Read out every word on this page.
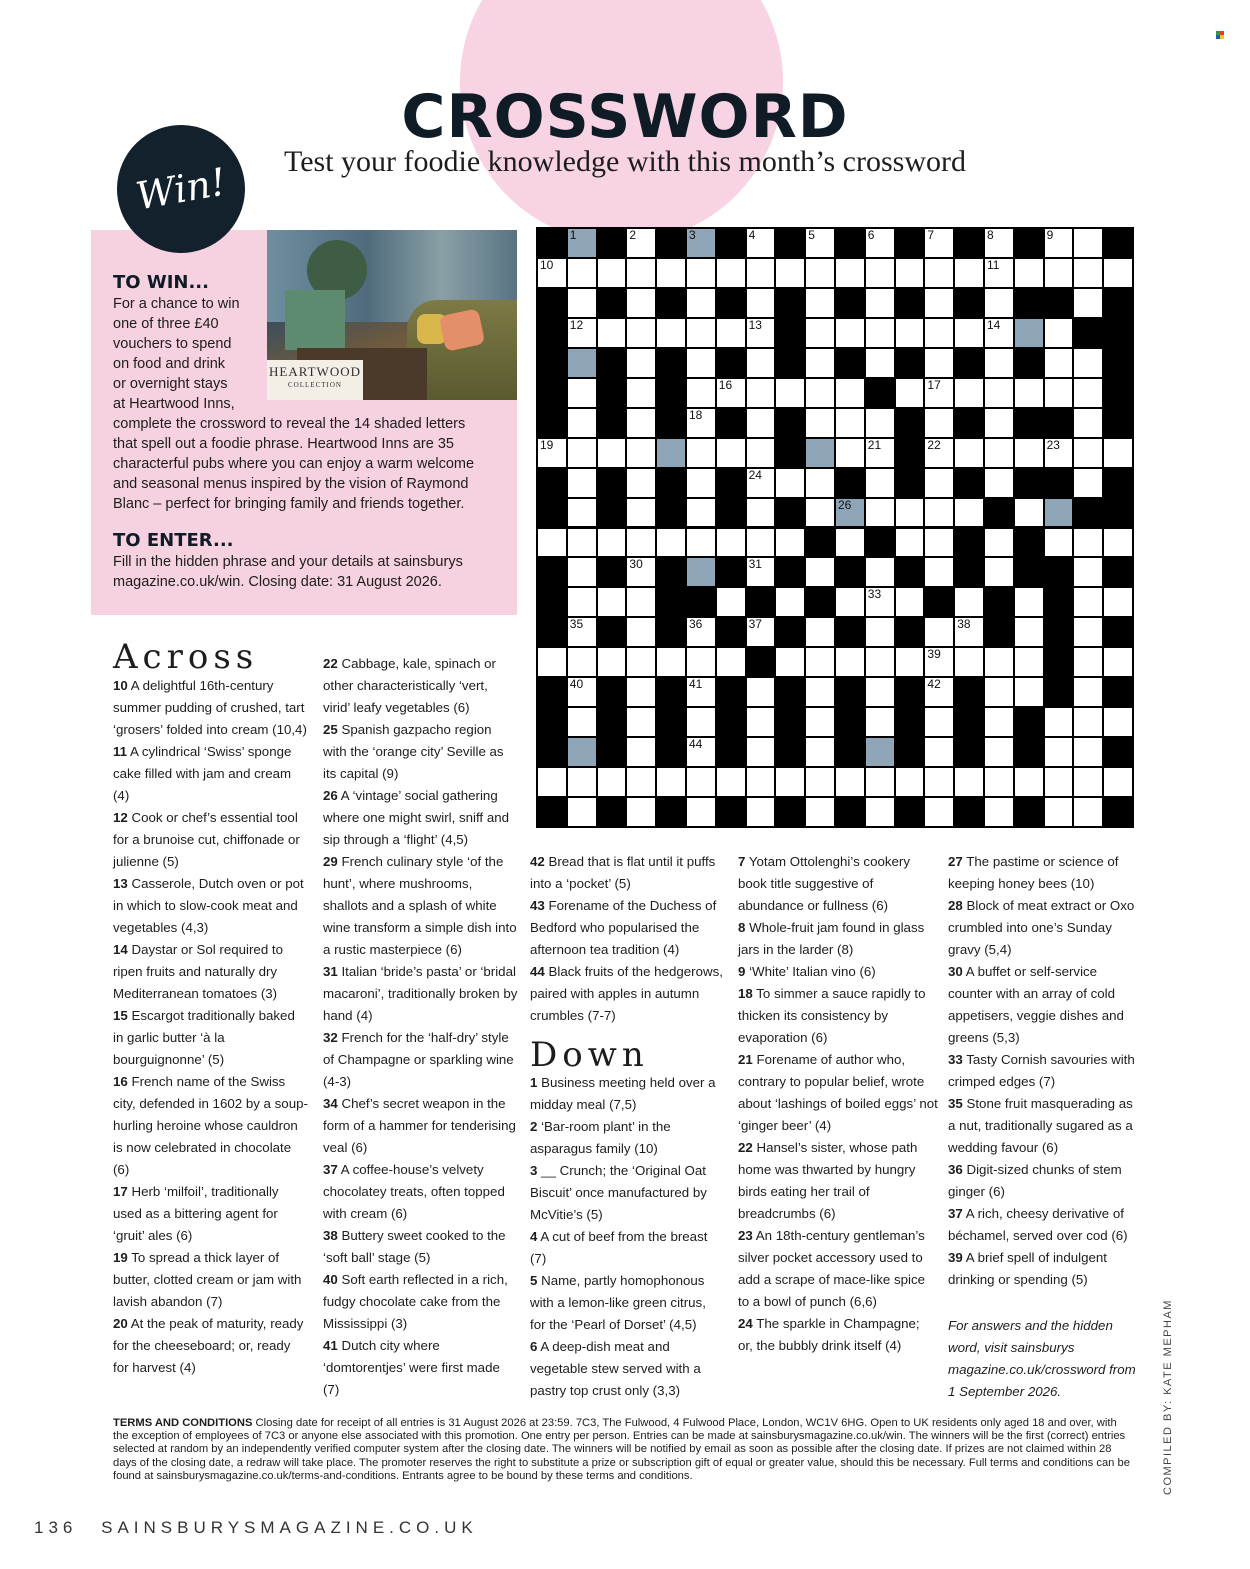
CROSSWORD
Test your foodie knowledge with this month’s crossword
Win!
HEARTWOOD
COLLECTION
TO WIN...
For a chance to win
one of three £40
vouchers to spend
on food and drink
or overnight stays
at Heartwood Inns,
complete the crossword to reveal the 14 shaded letters
that spell out a foodie phrase. Heartwood Inns are 35
characterful pubs where you can enjoy a warm welcome
and seasonal menus inspired by the vision of Raymond
Blanc – perfect for bringing family and friends together.
TO ENTER...
Fill in the hidden phrase and your details at sainsburys
magazine.co.uk/win. Closing date: 31 August 2026.
1	2	3	4	5	6	7	8	9
10	11
12	13	14
16	17
18
19	21	22	23
24
26
30	31
33
35	36	37	38
39
40	41	42
44
Across
Down

10 A delightful 16th-century summer pudding of crushed, tart ‘grosers’ folded into cream (10,4)

11 A cylindrical ‘Swiss’ sponge cake filled with jam and cream (4)

12 Cook or chef’s essential tool for a brunoise cut, chiffonade or julienne (5)

13 Casserole, Dutch oven or pot in which to slow-cook meat and vegetables (4,3)

14 Daystar or Sol required to ripen fruits and naturally dry Mediterranean tomatoes (3)

15 Escargot traditionally baked in garlic butter ‘à la bourguignonne’ (5)

16 French name of the Swiss city, defended in 1602 by a soup-hurling heroine whose cauldron is now celebrated in chocolate (6)

17 Herb ‘milfoil’, traditionally used as a bittering agent for ‘gruit’ ales (6)

19 To spread a thick layer of butter, clotted cream or jam with lavish abandon (7)

20 At the peak of maturity, ready for the cheeseboard; or, ready for harvest (4)

22 Cabbage, kale, spinach or other characteristically ‘vert, virid’ leafy vegetables (6)

25 Spanish gazpacho region with the ‘orange city’ Seville as its capital (9)

26 A ‘vintage’ social gathering where one might swirl, sniff and sip through a ‘flight’ (4,5)

29 French culinary style ‘of the hunt’, where mushrooms, shallots and a splash of white wine transform a simple dish into a rustic masterpiece (6)

31 Italian ‘bride’s pasta’ or ‘bridal macaroni’, traditionally broken by hand (4)

32 French for the ‘half-dry’ style of Champagne or sparkling wine (4-3)

34 Chef’s secret weapon in the form of a hammer for tenderising veal (6)

37 A coffee-house’s velvety chocolatey treats, often topped with cream (6)

38 Buttery sweet cooked to the ‘soft ball’ stage (5)

40 Soft earth reflected in a rich, fudgy chocolate cake from the Mississippi (3)

41 Dutch city where ‘domtorentjes’ were first made (7)

42 Bread that is flat until it puffs into a ‘pocket’ (5)

43 Forename of the Duchess of Bedford who popularised the afternoon tea tradition (4)

44 Black fruits of the hedgerows, paired with apples in autumn crumbles (7-7)

1 Business meeting held over a midday meal (7,5)

2 ‘Bar-room plant’ in the asparagus family (10)

3 __ Crunch; the ‘Original Oat Biscuit’ once manufactured by McVitie’s (5)

4 A cut of beef from the breast (7)

5 Name, partly homophonous with a lemon-like green citrus, for the ‘Pearl of Dorset’ (4,5)

6 A deep-dish meat and vegetable stew served with a pastry top crust only (3,3)

7 Yotam Ottolenghi’s cookery book title suggestive of abundance or fullness (6)

8 Whole-fruit jam found in glass jars in the larder (8)

9 ‘White’ Italian vino (6)

18 To simmer a sauce rapidly to thicken its consistency by evaporation (6)

21 Forename of author who, contrary to popular belief, wrote about ‘lashings of boiled eggs’ not ‘ginger beer’ (4)

22 Hansel’s sister, whose path home was thwarted by hungry birds eating her trail of breadcrumbs (6)

23 An 18th-century gentleman’s silver pocket accessory used to add a scrape of mace-like spice to a bowl of punch (6,6)

24 The sparkle in Champagne; or, the bubbly drink itself (4)

27 The pastime or science of keeping honey bees (10)

28 Block of meat extract or Oxo crumbled into one’s Sunday gravy (5,4)

30 A buffet or self-service counter with an array of cold appetisers, veggie dishes and greens (5,3)

33 Tasty Cornish savouries with crimped edges (7)

35 Stone fruit masquerading as a nut, traditionally sugared as a wedding favour (6)

36 Digit-sized chunks of stem ginger (6)

37 A rich, cheesy derivative of béchamel, served over cod (6)

39 A brief spell of indulgent drinking or spending (5)

For answers and the hidden word, visit sainsburys magazine.co.uk/crossword from 1 September 2026.

TERMS AND CONDITIONS Closing date for receipt of all entries is 31 August 2026 at 23:59. 7C3, The Fulwood, 4 Fulwood Place, London, WC1V 6HG. Open to UK residents only aged 18 and over, with the exception of employees of 7C3 or anyone else associated with this promotion. One entry per person. Entries can be made at sainsburysmagazine.co.uk/win. The winners will be the first (correct) entries selected at random by an independently verified computer system after the closing date. The winners will be notified by email as soon as possible after the closing date. If prizes are not claimed within 28 days of the closing date, a redraw will take place. The promoter reserves the right to substitute a prize or subscription gift of equal or greater value, should this be necessary. Full terms and conditions can be found at sainsburysmagazine.co.uk/terms-and-conditions. Entrants agree to be bound by these terms and conditions.	COMPILED BY: KATE MEPHAM
136 SAINSBURYSMAGAZINE.CO.UK
